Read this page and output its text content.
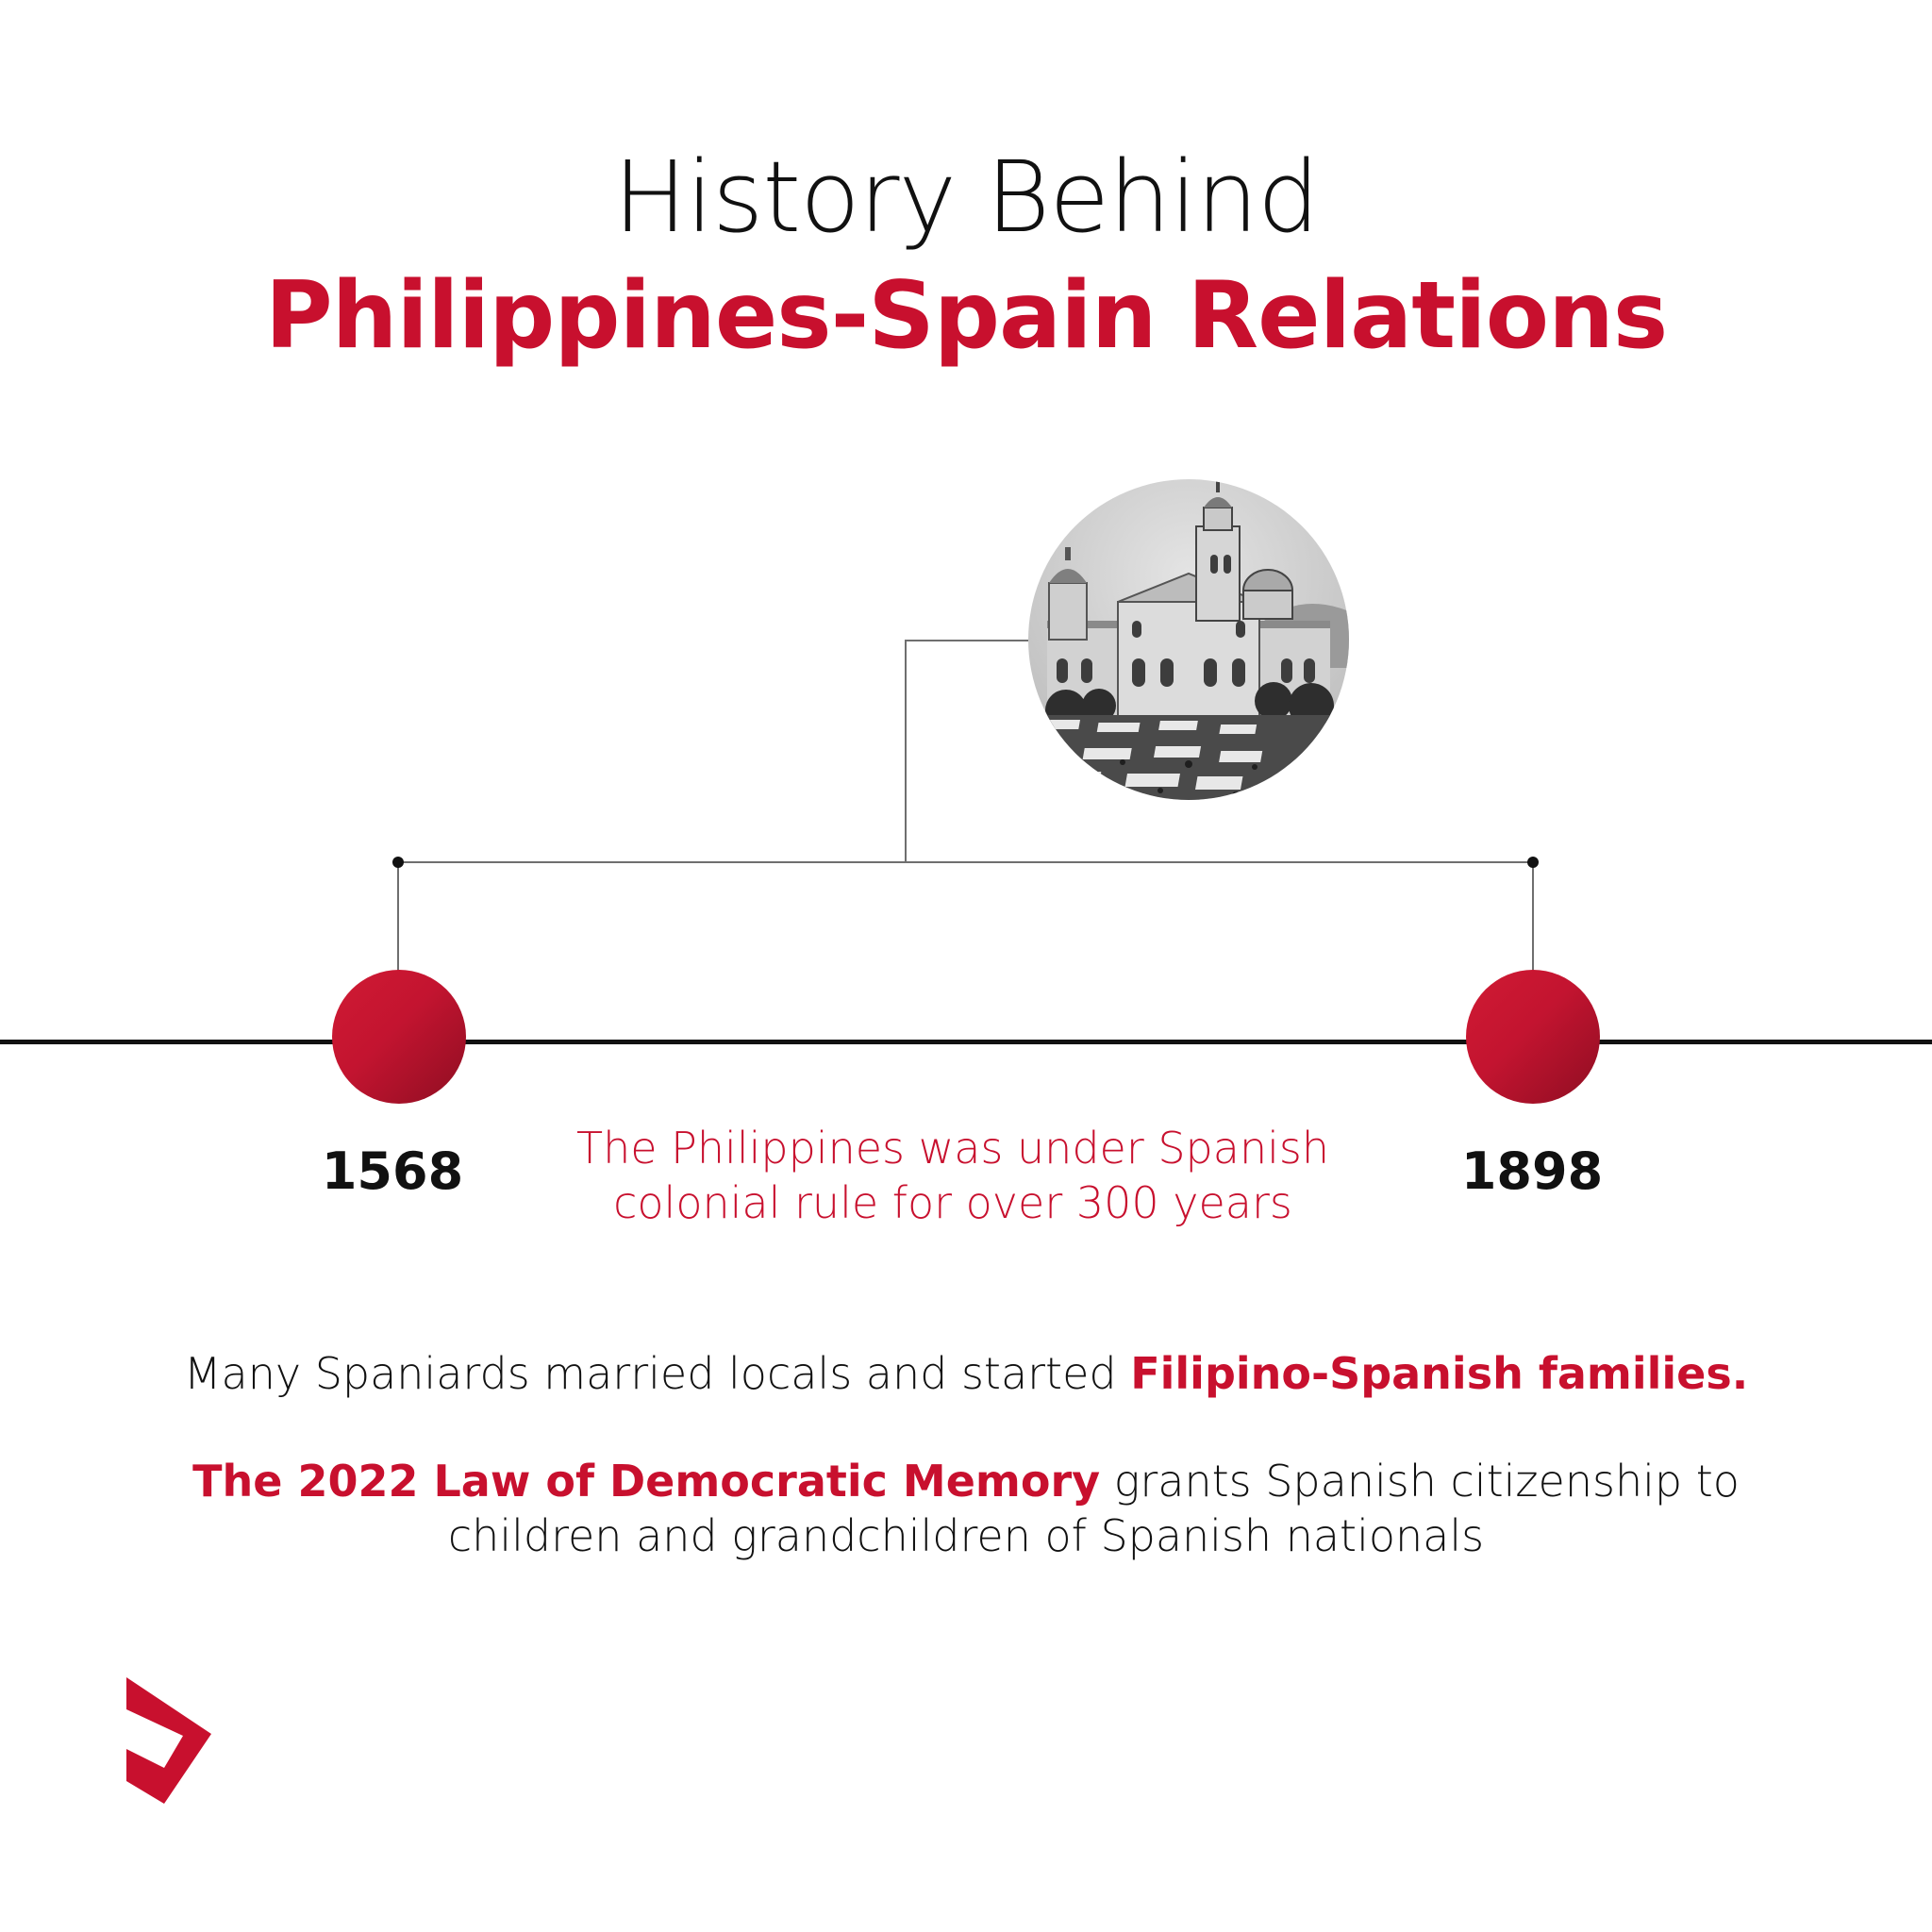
History Behind
Philippines-Spain Relations
1568	1898
The Philippines was under Spanish
colonial rule for over 300 years
Many Spaniards married locals and started Filipino-Spanish families.
The 2022 Law of Democratic Memory grants Spanish citizenship to
children and grandchildren of Spanish nationals
